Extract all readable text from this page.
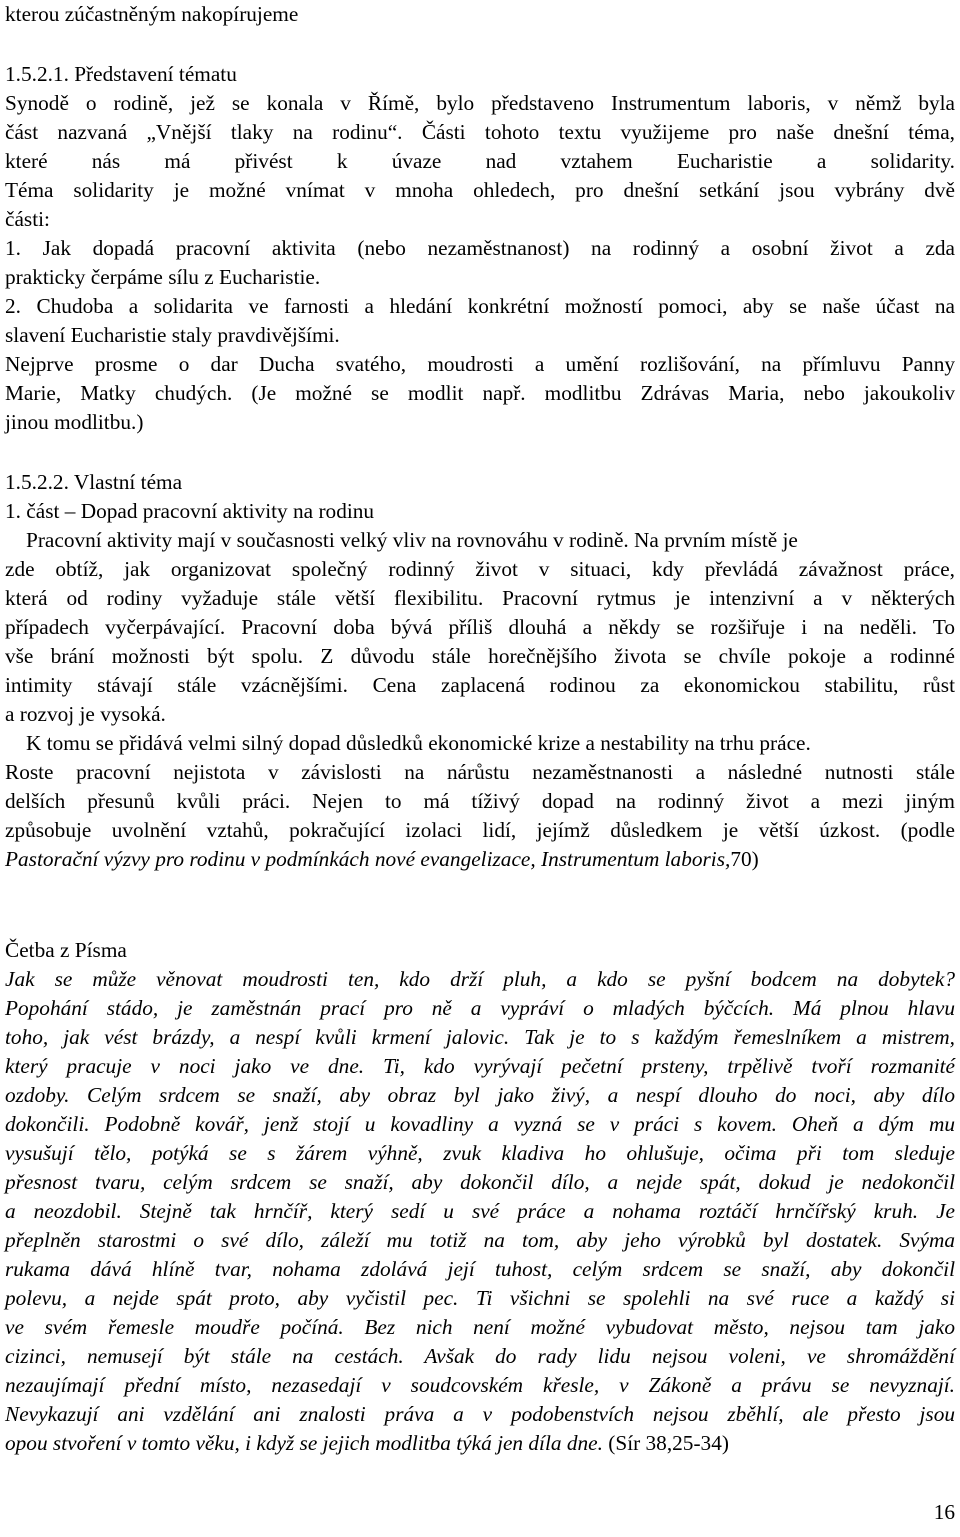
kterou zúčastněným nakopírujeme
1.5.2.1. Představení tématu
Synodě o rodině, jež se konala v Římě, bylo představeno Instrumentum laboris, v němž byla
část nazvaná „Vnější tlaky na rodinu“. Části tohoto textu využijeme pro naše dnešní téma,
které nás má přivést k úvaze nad vztahem Eucharistie a solidarity.
Téma solidarity je možné vnímat v mnoha ohledech, pro dnešní setkání jsou vybrány dvě
části:
1. Jak dopadá pracovní aktivita (nebo nezaměstnanost) na rodinný a osobní život a zda
prakticky čerpáme sílu z Eucharistie.
2. Chudoba a solidarita ve farnosti a hledání konkrétní možností pomoci, aby se naše účast na
slavení Eucharistie staly pravdivějšími.
Nejprve prosme o dar Ducha svatého, moudrosti a umění rozlišování, na přímluvu Panny
Marie, Matky chudých. (Je možné se modlit např. modlitbu Zdrávas Maria, nebo jakoukoliv
jinou modlitbu.)
1.5.2.2. Vlastní téma
1. část – Dopad pracovní aktivity na rodinu
Pracovní aktivity mají v současnosti velký vliv na rovnováhu v rodině. Na prvním místě je
zde obtíž, jak organizovat společný rodinný život v situaci, kdy převládá závažnost práce,
která od rodiny vyžaduje stále větší flexibilitu. Pracovní rytmus je intenzivní a v některých
případech vyčerpávající. Pracovní doba bývá příliš dlouhá a někdy se rozšiřuje i na neděli. To
vše brání možnosti být spolu. Z důvodu stále horečnějšího života se chvíle pokoje a rodinné
intimity stávají stále vzácnějšími. Cena zaplacená rodinou za ekonomickou stabilitu, růst
a rozvoj je vysoká.
K tomu se přidává velmi silný dopad důsledků ekonomické krize a nestability na trhu práce.
Roste pracovní nejistota v závislosti na nárůstu nezaměstnanosti a následné nutnosti stále
delších přesunů kvůli práci. Nejen to má tíživý dopad na rodinný život a mezi jiným
způsobuje uvolnění vztahů, pokračující izolaci lidí, jejímž důsledkem je větší úzkost. (podle
Pastorační výzvy pro rodinu v podmínkách nové evangelizace, Instrumentum laboris,70)
Četba z Písma
Jak se může věnovat moudrosti ten, kdo drží pluh, a kdo se pyšní bodcem na dobytek?
Popohání stádo, je zaměstnán prací pro ně a vypráví o mladých býčcích. Má plnou hlavu
toho, jak vést brázdy, a nespí kvůli krmení jalovic. Tak je to s každým řemeslníkem a mistrem,
který pracuje v noci jako ve dne. Ti, kdo vyrývají pečetní prsteny, trpělivě tvoří rozmanité
ozdoby. Celým srdcem se snaží, aby obraz byl jako živý, a nespí dlouho do noci, aby dílo
dokončili. Podobně kovář, jenž stojí u kovadliny a vyzná se v práci s kovem. Oheň a dým mu
vysušují tělo, potýká se s žárem výhně, zvuk kladiva ho ohlušuje, očima při tom sleduje
přesnost tvaru, celým srdcem se snaží, aby dokončil dílo, a nejde spát, dokud je nedokončil
a neozdobil. Stejně tak hrnčíř, který sedí u své práce a nohama roztáčí hrnčířský kruh. Je
přeplněn starostmi o své dílo, záleží mu totiž na tom, aby jeho výrobků byl dostatek. Svýma
rukama dává hlíně tvar, nohama zdolává její tuhost, celým srdcem se snaží, aby dokončil
polevu, a nejde spát proto, aby vyčistil pec. Ti všichni se spolehli na své ruce a každý si
ve svém řemesle moudře počíná. Bez nich není možné vybudovat město, nejsou tam jako
cizinci, nemusejí být stále na cestách. Avšak do rady lidu nejsou voleni, ve shromáždění
nezaujímají přední místo, nezasedají v soudcovském křesle, v Zákoně a právu se nevyznají.
Nevykazují ani vzdělání ani znalosti práva a v podobenstvích nejsou zběhlí, ale přesto jsou
opou stvoření v tomto věku, i když se jejich modlitba týká jen díla dne. (Sír 38,25-34)
16
